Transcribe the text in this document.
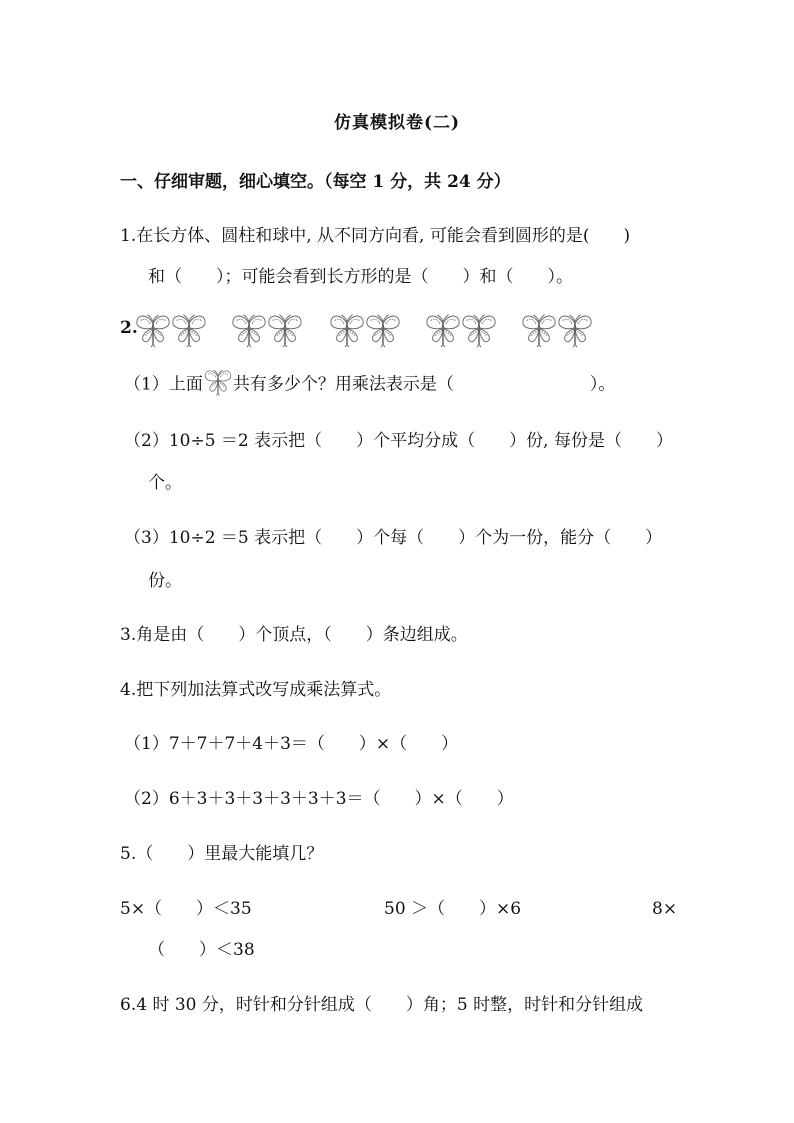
仿真模拟卷(二)
一、仔细审题，细心填空。（每空 1 分，共 24 分）
1.在长方体、圆柱和球中, 从不同方向看, 可能会看到圆形的是(　　)
和（　　）；可能会看到长方形的是（　　）和（　　）。
2.
（1）上面 共有多少个？用乘法表示是（　　　　　　　　）。
（2）10÷5 ＝2 表示把（　　）个平均分成（　　）份, 每份是（　　）
个。
（3）10÷2 ＝5 表示把（　　）个每（　　）个为一份，能分（　　）
份。
3.角是由（　　）个顶点，（　　）条边组成。
4.把下列加法算式改写成乘法算式。
（1）7＋7＋7＋4＋3＝（　　）×（　　）
（2）6＋3＋3＋3＋3＋3＋3＝（　　）×（　　）
5.（　　）里最大能填几？
5×（　　）＜35	50 ＞（　　）×6	8×
（　　）＜38
6.4 时 30 分，时针和分针组成（　　）角；5 时整，时针和分针组成
